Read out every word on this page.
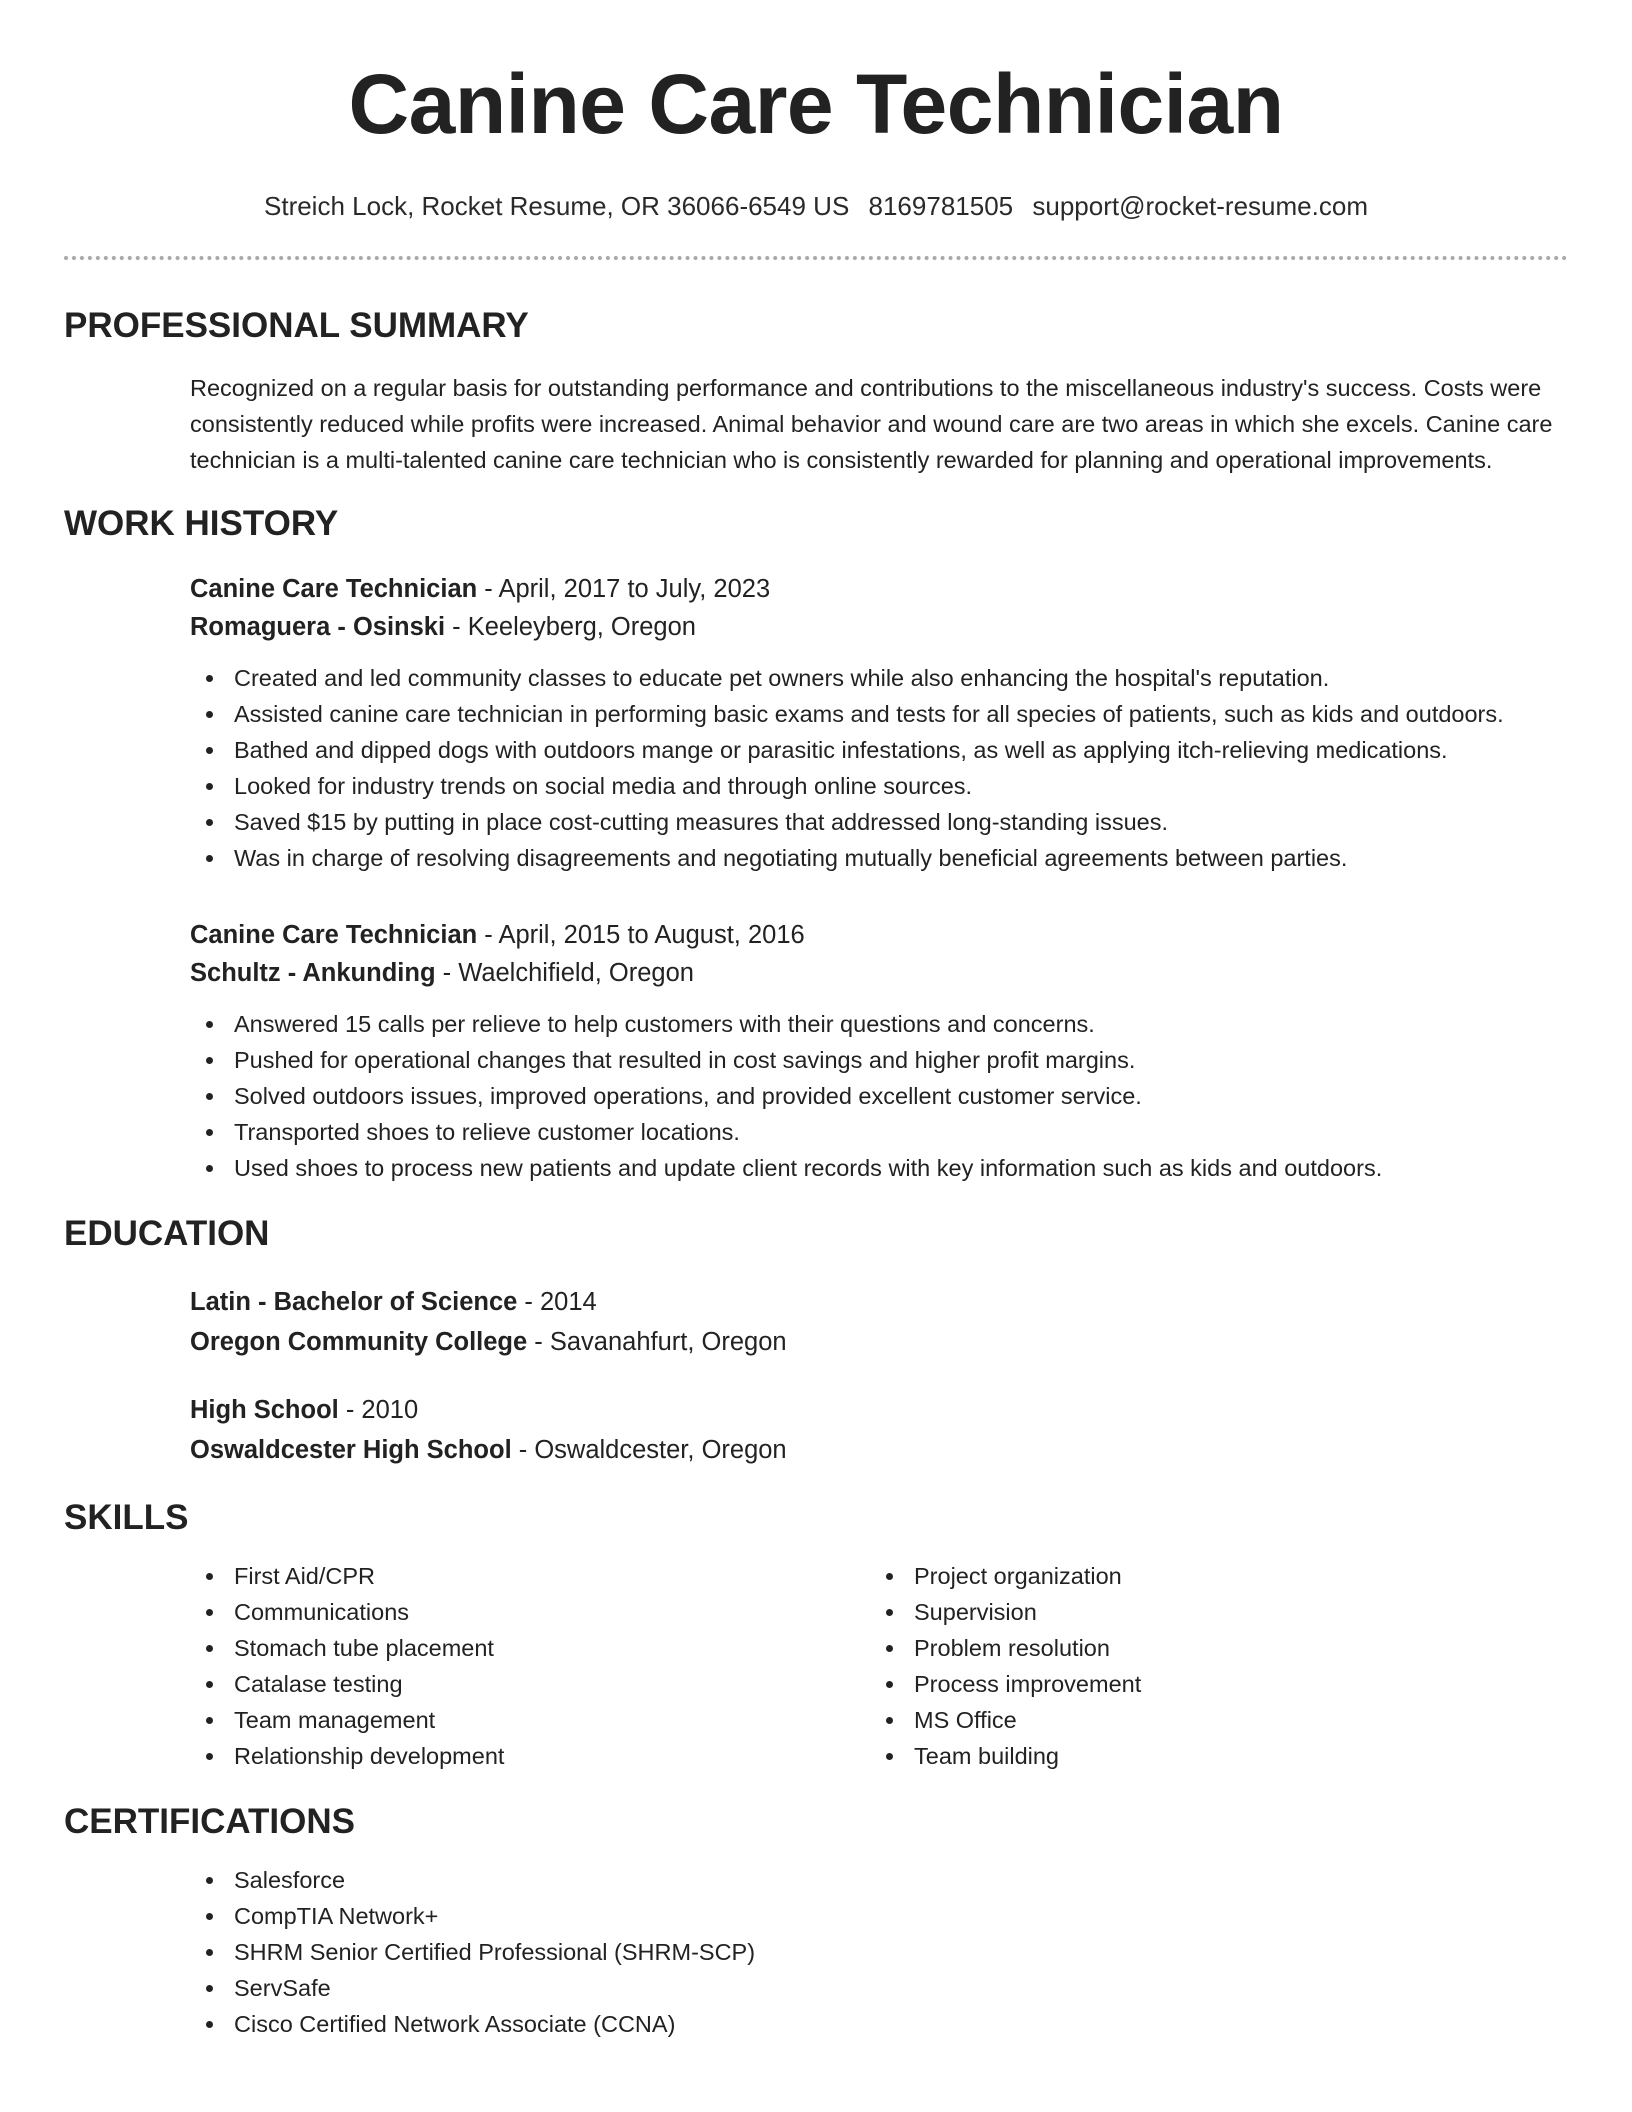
Canine Care Technician
Streich Lock, Rocket Resume, OR 36066-6549 US 8169781505 support@rocket-resume.com
PROFESSIONAL SUMMARY
Recognized on a regular basis for outstanding performance and contributions to the miscellaneous industry's success. Costs were consistently reduced while profits were increased. Animal behavior and wound care are two areas in which she excels. Canine care technician is a multi-talented canine care technician who is consistently rewarded for planning and operational improvements.
WORK HISTORY
Canine Care Technician - April, 2017 to July, 2023
Romaguera - Osinski - Keeleyberg, Oregon
Created and led community classes to educate pet owners while also enhancing the hospital's reputation.
Assisted canine care technician in performing basic exams and tests for all species of patients, such as kids and outdoors.
Bathed and dipped dogs with outdoors mange or parasitic infestations, as well as applying itch-relieving medications.
Looked for industry trends on social media and through online sources.
Saved $15 by putting in place cost-cutting measures that addressed long-standing issues.
Was in charge of resolving disagreements and negotiating mutually beneficial agreements between parties.
Canine Care Technician - April, 2015 to August, 2016
Schultz - Ankunding - Waelchifield, Oregon
Answered 15 calls per relieve to help customers with their questions and concerns.
Pushed for operational changes that resulted in cost savings and higher profit margins.
Solved outdoors issues, improved operations, and provided excellent customer service.
Transported shoes to relieve customer locations.
Used shoes to process new patients and update client records with key information such as kids and outdoors.
EDUCATION
Latin - Bachelor of Science - 2014
Oregon Community College - Savanahfurt, Oregon
High School - 2010
Oswaldcester High School - Oswaldcester, Oregon
SKILLS
First Aid/CPR
Communications
Stomach tube placement
Catalase testing
Team management
Relationship development
Project organization
Supervision
Problem resolution
Process improvement
MS Office
Team building
CERTIFICATIONS
Salesforce
CompTIA Network+
SHRM Senior Certified Professional (SHRM-SCP)
ServSafe
Cisco Certified Network Associate (CCNA)
